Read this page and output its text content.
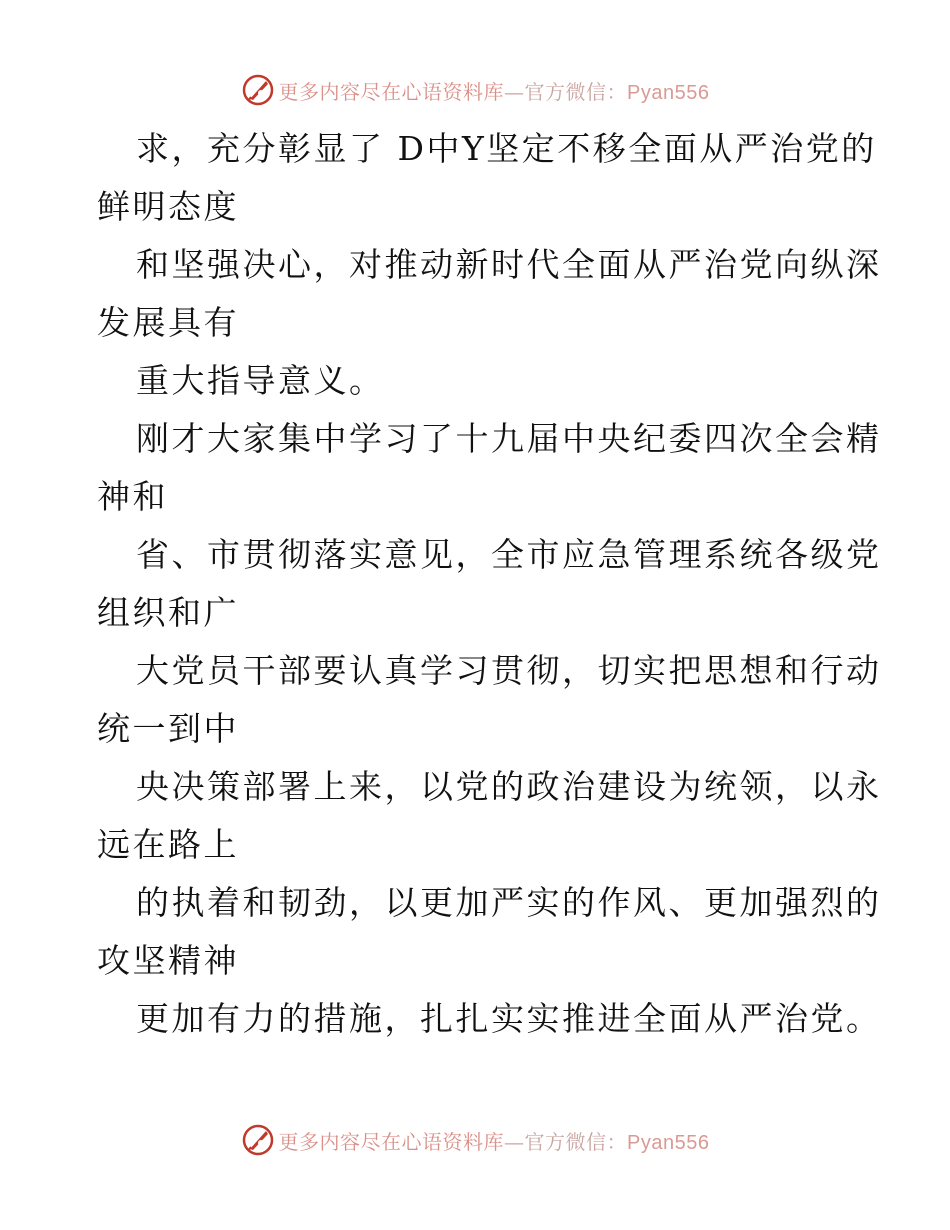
更多内容尽在心语资料库—官方微信：Pyan556
求，充分彰显了 D中Y坚定不移全面从严治党的
鲜明态度
和坚强决心，对推动新时代全面从严治党向纵深
发展具有
重大指导意义。
刚才大家集中学习了十九届中央纪委四次全会精
神和
省、市贯彻落实意见，全市应急管理系统各级党
组织和广
大党员干部要认真学习贯彻，切实把思想和行动
统一到中
央决策部署上来，以党的政治建设为统领，以永
远在路上
的执着和韧劲，以更加严实的作风、更加强烈的
攻坚精神
更加有力的措施，扎扎实实推进全面从严治党。
更多内容尽在心语资料库—官方微信：Pyan556
